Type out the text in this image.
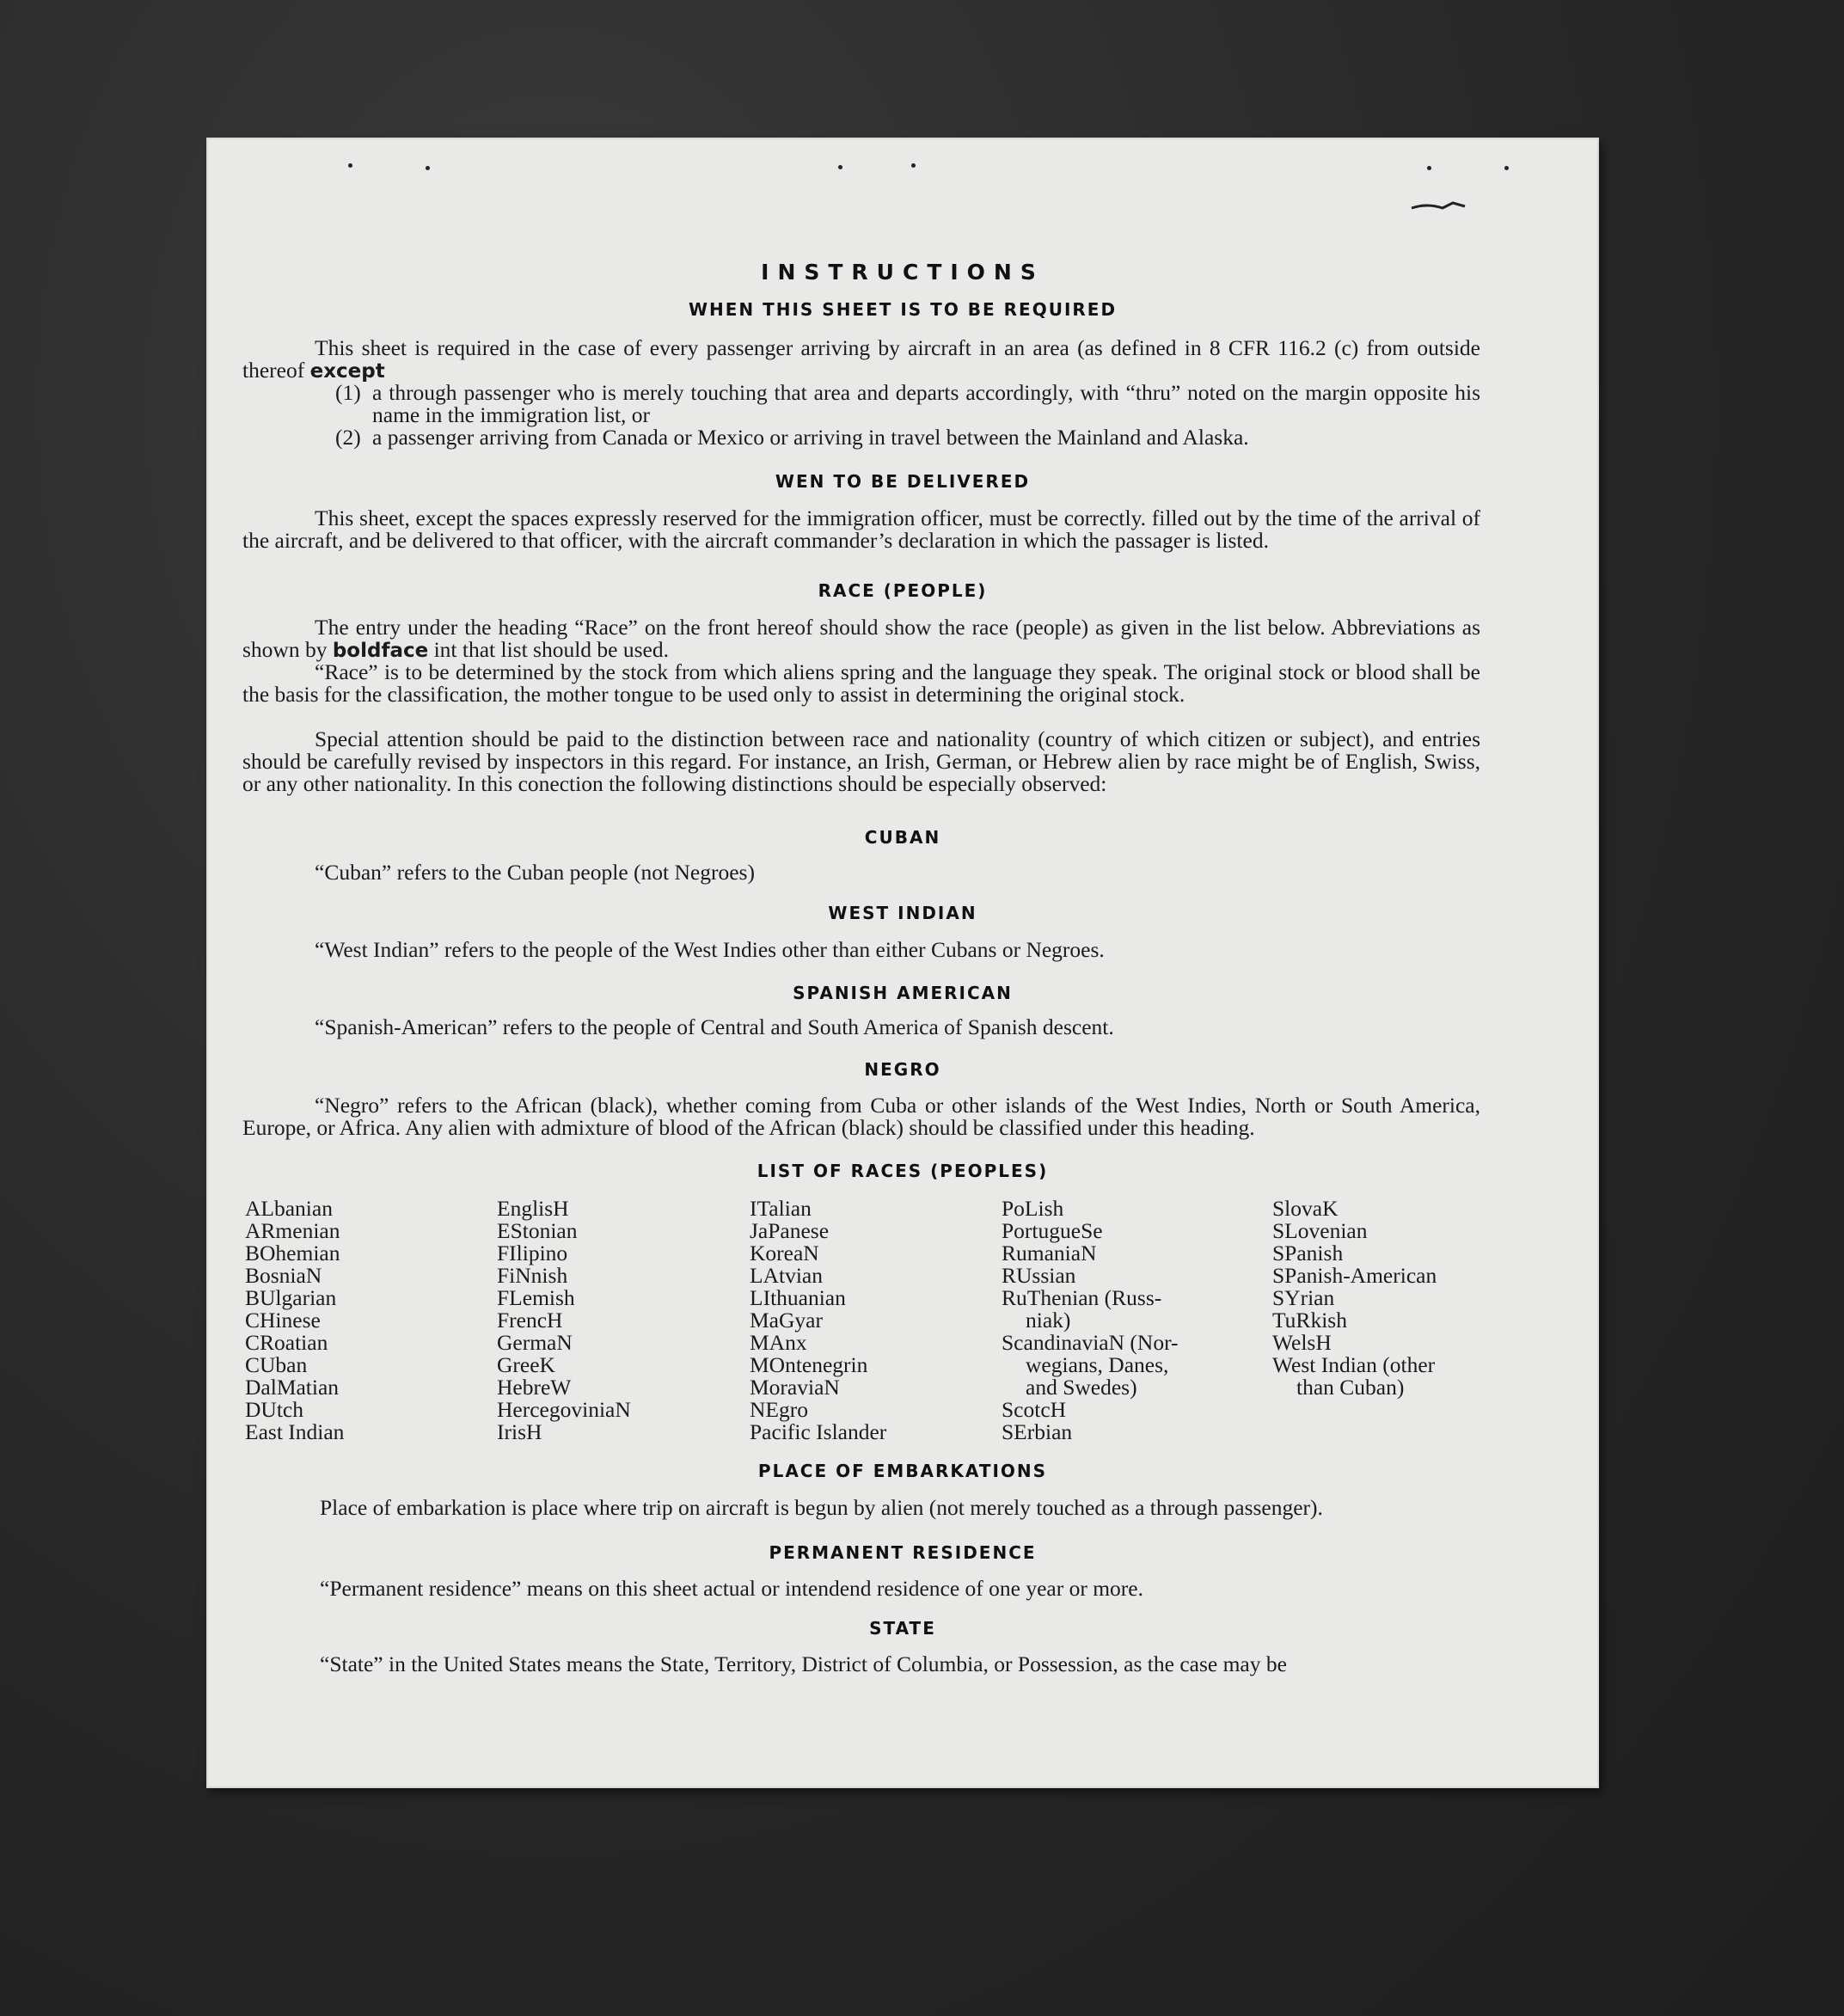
INSTRUCTIONS
WHEN THIS SHEET IS TO BE REQUIRED
This sheet is required in the case of every passenger arriving by aircraft in an area (as defined in 8 CFR 116.2 (c) from outside thereof except
(1) a through passenger who is merely touching that area and departs accordingly, with “thru” noted on the margin opposite his name in the immigration list, or
(2) a passenger arriving from Canada or Mexico or arriving in travel between the Mainland and Alaska.
WEN TO BE DELIVERED
This sheet, except the spaces expressly reserved for the immigration officer, must be correctly. filled out by the time of the arrival of the aircraft, and be delivered to that officer, with the aircraft commander’s declaration in which the passager is listed.
RACE (PEOPLE)
The entry under the heading “Race” on the front hereof should show the race (people) as given in the list below. Abbreviations as shown by boldface int that list should be used.
“Race” is to be determined by the stock from which aliens spring and the language they speak. The original stock or blood shall be the basis for the classification, the mother tongue to be used only to assist in determining the original stock.
Special attention should be paid to the distinction between race and nationality (country of which citizen or subject), and entries should be carefully revised by inspectors in this regard. For instance, an Irish, German, or Hebrew alien by race might be of English, Swiss, or any other nationality. In this conection the following distinctions should be especially observed:
CUBAN
“Cuban” refers to the Cuban people (not Negroes)
WEST INDIAN
“West Indian” refers to the people of the West Indies other than either Cubans or Negroes.
SPANISH AMERICAN
“Spanish-American” refers to the people of Central and South America of Spanish descent.
NEGRO
“Negro” refers to the African (black), whether coming from Cuba or other islands of the West Indies, North or South America, Europe, or Africa. Any alien with admixture of blood of the African (black) should be classified under this heading.
LIST OF RACES (PEOPLES)
ALbanian
ARmenian
BOhemian
BosniaN
BUlgarian
CHinese
CRoatian
CUban
DalMatian
DUtch
East Indian
EnglisH
EStonian
FIlipino
FiNnish
FLemish
FrencH
GermaN
GreeK
HebreW
HercegoviniaN
IrisH
ITalian
JaPanese
KoreaN
LAtvian
LIthuanian
MaGyar
MAnx
MOntenegrin
MoraviaN
NEgro
Pacific Islander
PoLish
PortugueSe
RumaniaN
RUssian
RuThenian (Russ-
niak)
ScandinaviaN (Nor-
wegians, Danes,
and Swedes)
ScotcH
SErbian
SlovaK
SLovenian
SPanish
SPanish-American
SYrian
TuRkish
WelsH
West Indian (other
than Cuban)
PLACE OF EMBARKATIONS
Place of embarkation is place where trip on aircraft is begun by alien (not merely touched as a through passenger).
PERMANENT RESIDENCE
“Permanent residence” means on this sheet actual or intendend residence of one year or more.
STATE
“State” in the United States means the State, Territory, District of Columbia, or Possession, as the case may be
